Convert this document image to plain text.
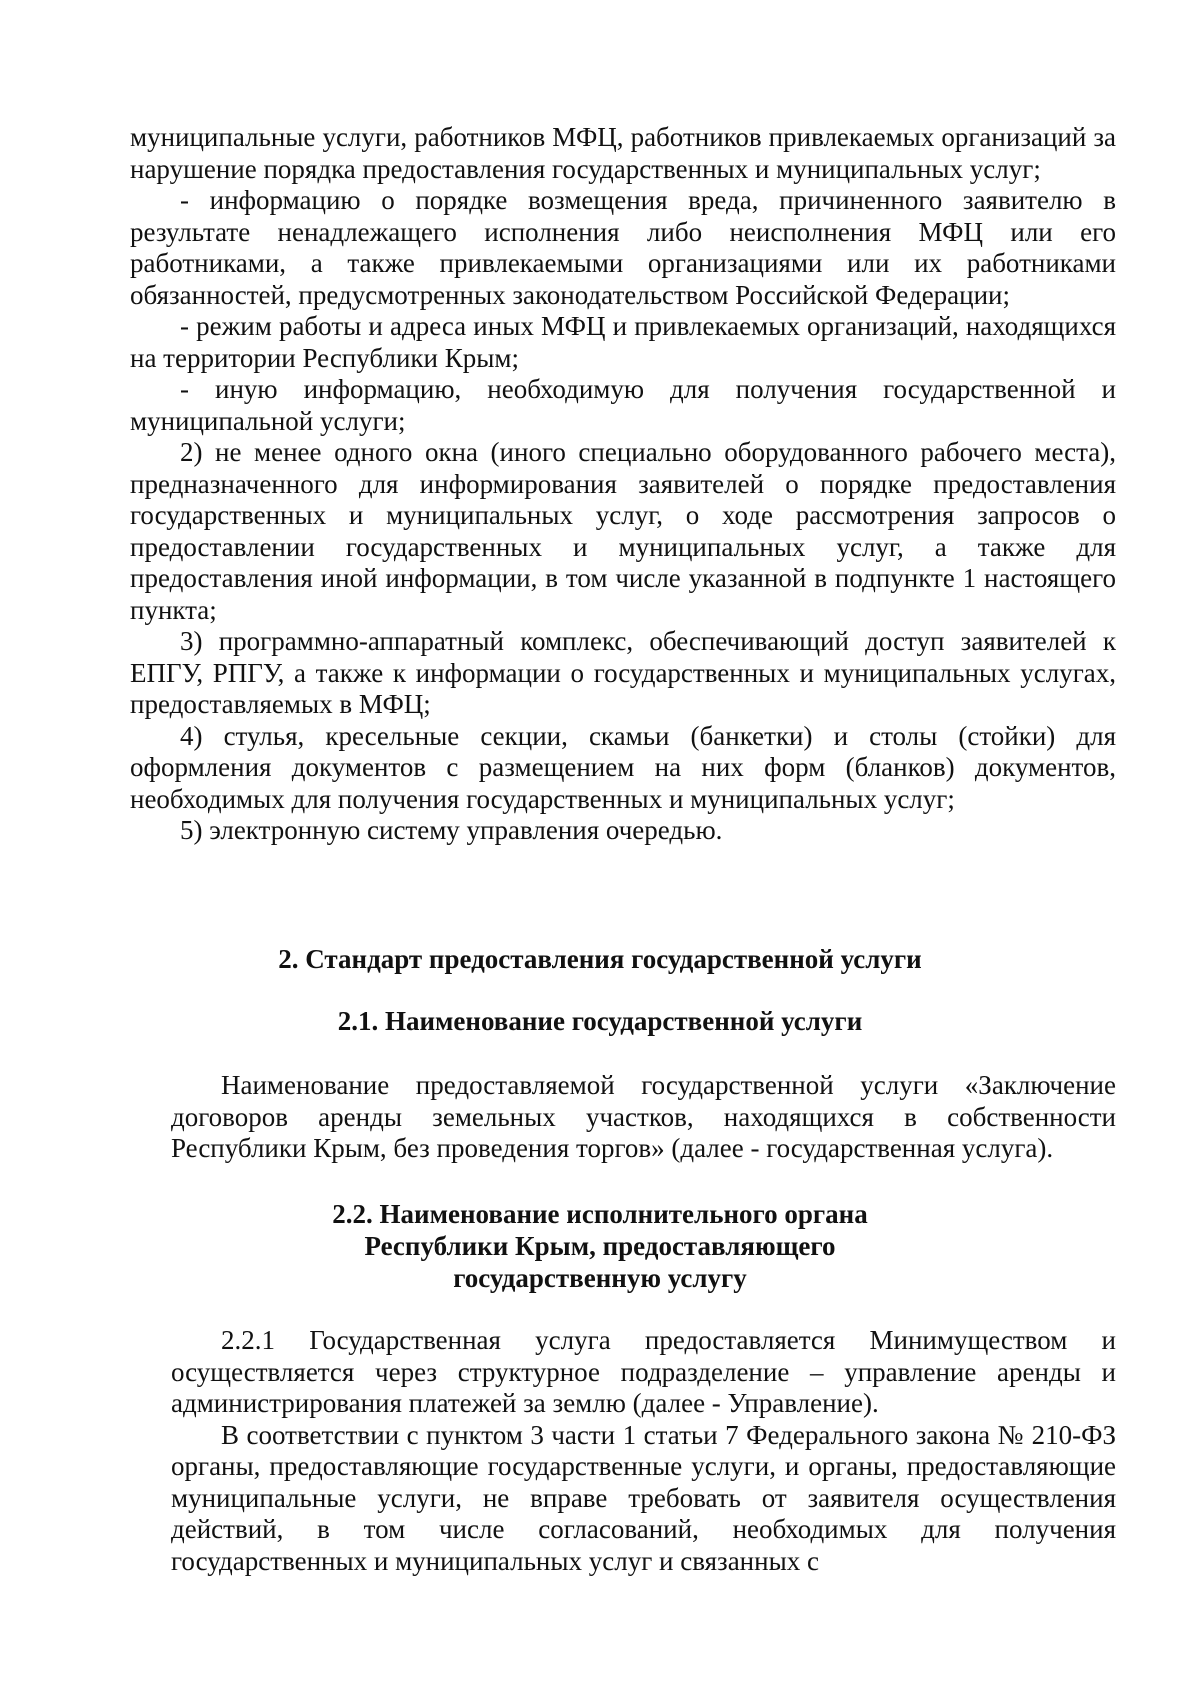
муниципальные услуги, работников МФЦ, работников привлекаемых организаций за нарушение порядка предоставления государственных и муниципальных услуг;

- информацию о порядке возмещения вреда, причиненного заявителю в результате ненадлежащего исполнения либо неисполнения МФЦ или его работниками, а также привлекаемыми организациями или их работниками обязанностей, предусмотренных законодательством Российской Федерации;

- режим работы и адреса иных МФЦ и привлекаемых организаций, находящихся на территории Республики Крым;

- иную информацию, необходимую для получения государственной и муниципальной услуги;

2) не менее одного окна (иного специально оборудованного рабочего места), предназначенного для информирования заявителей о порядке предоставления государственных и муниципальных услуг, о ходе рассмотрения запросов о предоставлении государственных и муниципальных услуг, а также для предоставления иной информации, в том числе указанной в подпункте 1 настоящего пункта;

3) программно-аппаратный комплекс, обеспечивающий доступ заявителей к ЕПГУ, РПГУ, а также к информации о государственных и муниципальных услугах, предоставляемых в МФЦ;

4) стулья, кресельные секции, скамьи (банкетки) и столы (стойки) для оформления документов с размещением на них форм (бланков) документов, необходимых для получения государственных и муниципальных услуг;

5) электронную систему управления очередью.

2. Стандарт предоставления государственной услуги
2.1. Наименование государственной услуги

Наименование предоставляемой государственной услуги «Заключение договоров аренды земельных участков, находящихся в собственности Республики Крым, без проведения торгов» (далее - государственная услуга).

2.2. Наименование исполнительного органа
Республики Крым, предоставляющего
государственную услугу

2.2.1 Государственная услуга предоставляется Минимуществом и осуществляется через структурное подразделение – управление аренды и администрирования платежей за землю (далее - Управление).

В соответствии с пунктом 3 части 1 статьи 7 Федерального закона № 210-ФЗ органы, предоставляющие государственные услуги, и органы, предоставляющие муниципальные услуги, не вправе требовать от заявителя осуществления действий, в том числе согласований, необходимых для получения государственных и муниципальных услуг и связанных с
